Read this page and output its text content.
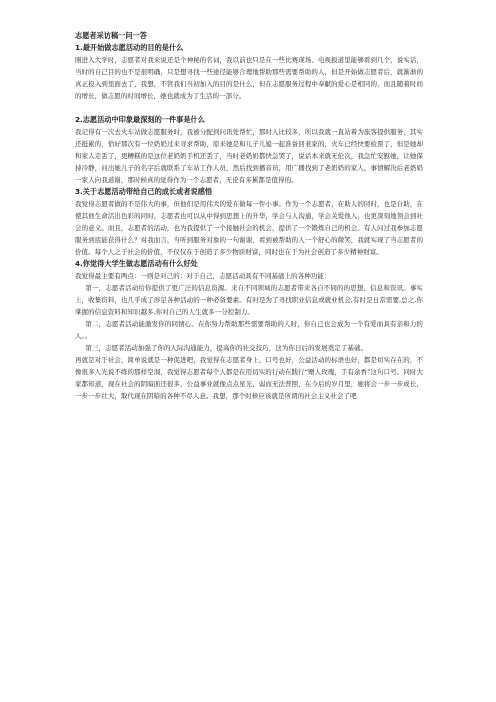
志愿者采访稿一问一答

1.最开始做志愿活动的目的是什么

刚进入大学时，志愿者对我来说还是个神秘的名词，我以前也只是在一些比赛现场、电视报道里能够看到几个，说实话，当时的自己目的也不是很明确，只是想寻找一些途径能够合理地帮助那些需要帮助的人，但是开始做志愿者后，就渐渐的真正投入到里面去了，我想，不管我们当初加入的目的是什么，但在志愿服务过程中奉献的爱心是相同的，而且随着时间的增长，做志愿的时间增长，她也就成为了生活的一部分。

2.志愿活动中印象最深刻的一件事是什么

我记得有一次去火车站做志愿服务时，我被分配到问讯处帮忙，那时人比较多，所以我就一直站着为旅客提供服务，其实还挺累的，恰好那次有一位奶奶过来寻求帮助，原来她是和儿子儿媳一起准备回老家的，火车已经快要检票了，但是她却和家人走丢了，更糟糕的是这位老奶奶手机还丢了，当时老奶奶都快急哭了，说话本来就无伦次，我急忙安慰她，让她保持冷静，问出她儿子的名字后就联系了车站工作人员，然后找到播音员，用广播找到了老奶奶的家人，事情解决后老奶奶一家人向我道谢，那时候真的觉得作为一个志愿者，无论有多累都是值得的。

3.关于志愿活动带给自己的成长或者说感悟

我觉得志愿者做的不是伟大的事，但他们是用伟大的爱在做每一件小事。作为一个志愿者，在助人的同时，也是自助，在使其他生命活出色彩的同时，志愿者也可以从中得到思想上的升华，学会与人沟通，学会关爱他人，也更深刻地领会到社会的意义。而且，志愿者的活动，也为我提供了一个接触社会的机会，提供了一个锻炼自己的机会。有人问过我参加志愿服务到底能获得什么？对我而言，当听到服务对象的一句谢谢，看到被帮助的人一个舒心的微笑，我就实现了当志愿者的价值。每个人之于社会的价值，不仅仅在于创造了多少物质财富，同时也在于为社会创造了多少精神财富。

4.你觉得大学生做志愿活动有什么好处

我觉得最主要有两点：一则是对己的：对于自己，志愿活动具有不同基础上的各种功能：

第一，志愿者活动给你提供了更广泛的信息资源。来自不同领域的志愿者带来各自不同的的思想、信息和资讯。事实上，收集资料，也几乎成了涉足各种活动的一种必备要素。有时是为了寻找职业信息或就业机会,有时是日常需要,总之,你掌握的信息资料和知识越多,你对自己的人生就多一分控制力。

第二，志愿者活动能激发你的同情心。在你努力帮助那些需要帮助的人时，你自己也会成为一个有爱而具有亲和力的人。。

第三，志愿者活动加强了你的人际沟通能力，提高你的社交技巧，这为你日后的发展奠定了基础。

再就是对于社会，简单说就是一种促进吧，我觉得在志愿者身上，口号也好，公益活动的标语也好，都是切实存在的，不像很多人光说不练的那样空洞，我觉得志愿者每个人都是在用切实的行动在践行“赠人玫瑰，手有余香”这句口号。同时大家都知道，现在社会的阴暗面还很多，公益事业就像点点星光，弱而无法普照，在今后的岁月里，她将会一步一步成长，一步一步壮大，取代现在阴暗的各种不尽人意。我想，那个时候应该就是所谓的社会主义社会了吧
